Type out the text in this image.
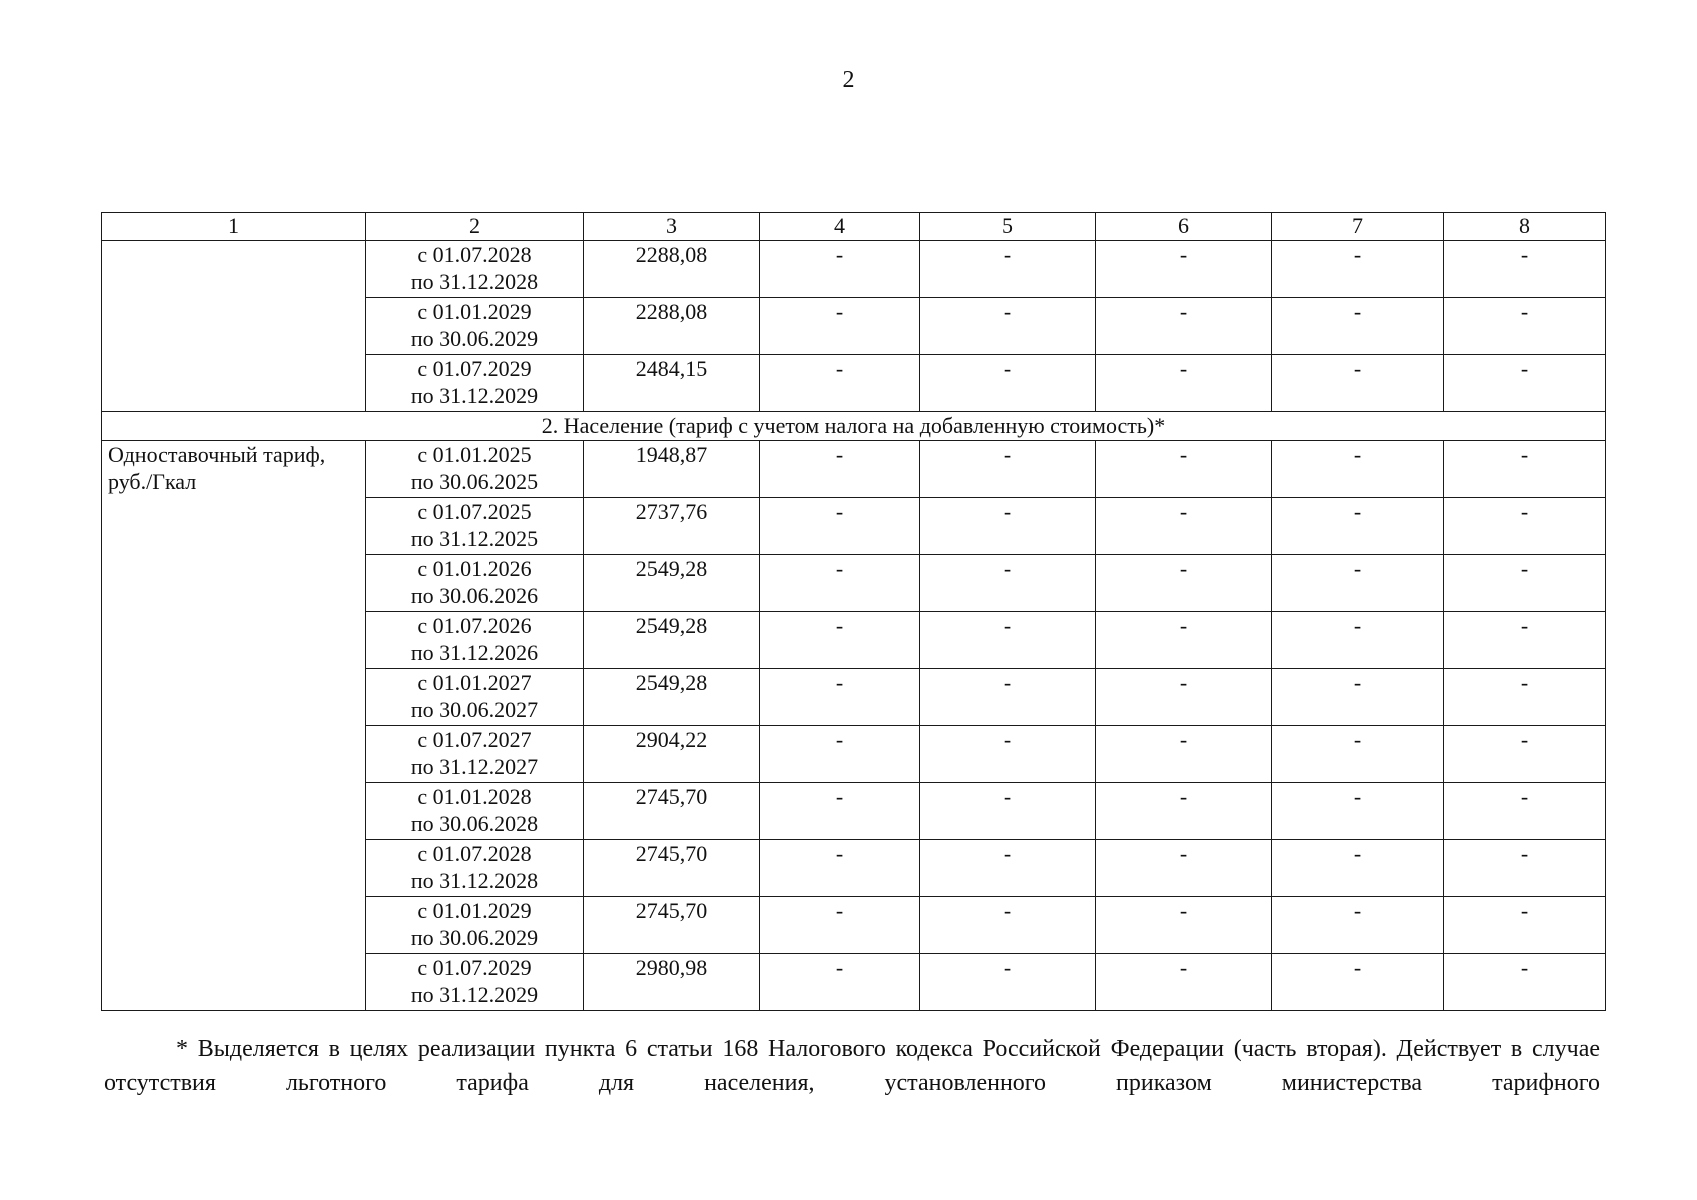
2
1	2	3	4	5	6	7	8

	с 01.07.2028
по 31.12.2028	2288,08	-	-	-	-	-

	с 01.01.2029
по 30.06.2029	2288,08	-	-	-	-	-

	с 01.07.2029
по 31.12.2029	2484,15	-	-	-	-	-
2. Население (тариф с учетом налога на добавленную стоимость)*							

Одноставочный тариф,
руб./Гкал	с 01.01.2025
по 30.06.2025	1948,87	-	-	-	-	-

	с 01.07.2025
по 31.12.2025	2737,76	-	-	-	-	-

	с 01.01.2026
по 30.06.2026	2549,28	-	-	-	-	-

	с 01.07.2026
по 31.12.2026	2549,28	-	-	-	-	-

	с 01.01.2027
по 30.06.2027	2549,28	-	-	-	-	-

	с 01.07.2027
по 31.12.2027	2904,22	-	-	-	-	-

	с 01.01.2028
по 30.06.2028	2745,70	-	-	-	-	-

	с 01.07.2028
по 31.12.2028	2745,70	-	-	-	-	-

	с 01.01.2029
по 30.06.2029	2745,70	-	-	-	-	-

	с 01.07.2029
по 31.12.2029	2980,98	-	-	-	-	-
* Выделяется в целях реализации пункта 6 статьи 168 Налогового кодекса Российской Федерации (часть вторая). Действует в случае отсутствия льготного тарифа для населения, установленного приказом министерства тарифного
